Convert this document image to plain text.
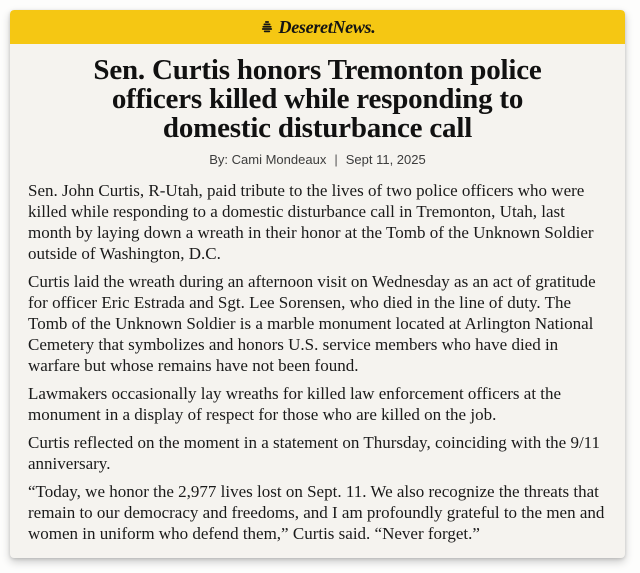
DeseretNews.
Sen. Curtis honors Tremonton police
officers killed while responding to
domestic disturbance call
By: Cami Mondeaux | Sept 11, 2025

Sen. John Curtis, R-Utah, paid tribute to the lives of two police officers who were killed while responding to a domestic disturbance call in Tremonton, Utah, last month by laying down a wreath in their honor at the Tomb of the Unknown Soldier outside of Washington, D.C.

Curtis laid the wreath during an afternoon visit on Wednesday as an act of gratitude for officer Eric Estrada and Sgt. Lee Sorensen, who died in the line of duty. The Tomb of the Unknown Soldier is a marble monument located at Arlington National Cemetery that symbolizes and honors U.S. service members who have died in warfare but whose remains have not been found.

Lawmakers occasionally lay wreaths for killed law enforcement officers at the monument in a display of respect for those who are killed on the job.

Curtis reflected on the moment in a statement on Thursday, coinciding with the 9/11 anniversary.

“Today, we honor the 2,977 lives lost on Sept. 11. We also recognize the threats that remain to our democracy and freedoms, and I am profoundly grateful to the men and women in uniform who defend them,” Curtis said. “Never forget.”
